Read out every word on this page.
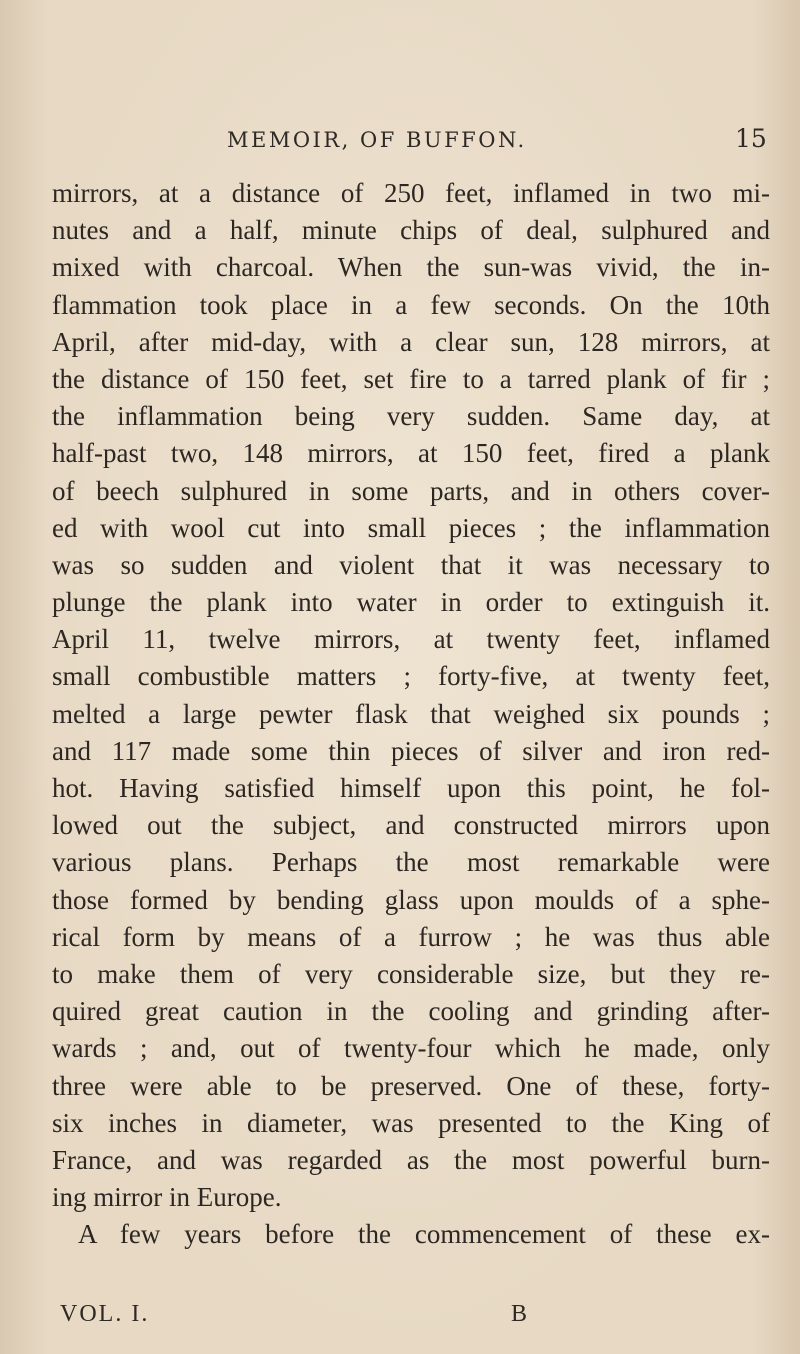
MEMOIR, OF BUFFON.	15
mirrors, at a distance of 250 feet, inflamed in two mi-
nutes and a half, minute chips of deal, sulphured and
mixed with charcoal. When the sun-was vivid, the in-
flammation took place in a few seconds. On the 10th
April, after mid-day, with a clear sun, 128 mirrors, at
the distance of 150 feet, set fire to a tarred plank of fir ;
the inflammation being very sudden. Same day, at
half-past two, 148 mirrors, at 150 feet, fired a plank
of beech sulphured in some parts, and in others cover-
ed with wool cut into small pieces ; the inflammation
was so sudden and violent that it was necessary to
plunge the plank into water in order to extinguish it.
April 11, twelve mirrors, at twenty feet, inflamed
small combustible matters ; forty-five, at twenty feet,
melted a large pewter flask that weighed six pounds ;
and 117 made some thin pieces of silver and iron red-
hot. Having satisfied himself upon this point, he fol-
lowed out the subject, and constructed mirrors upon
various plans. Perhaps the most remarkable were
those formed by bending glass upon moulds of a sphe-
rical form by means of a furrow ; he was thus able
to make them of very considerable size, but they re-
quired great caution in the cooling and grinding after-
wards ; and, out of twenty-four which he made, only
three were able to be preserved. One of these, forty-
six inches in diameter, was presented to the King of
France, and was regarded as the most powerful burn-
ing mirror in Europe.
A few years before the commencement of these ex-
VOL. I.	B
